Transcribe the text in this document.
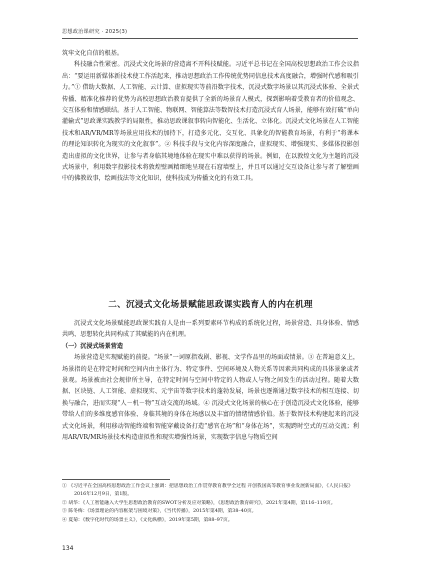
思想政治课研究 · 2025(3)

筑牢文化自信的根基。

科技融合性紧密。沉浸式文化场景的营造离不开科技赋能。习近平总书记在全国高校思想政治工作会议指出：“要运用新媒体新技术使工作活起来，推动思想政治工作传统优势同信息技术高度融合，增强时代感和吸引力。”① 借助大数据、人工智能、云计算、虚拟现实等前沿数字技术，沉浸式数字场景以其沉浸式体验、全景式传播、精准化推荐的优势为高校思想政治教育提供了全新的场景育人模式，探到影响着受教育者的价值观念、交互体验和情感联结。基于人工智能、物联网、智能算法等数智技术打造沉浸式育人场景，能够有效打破“单向灌输式”思政课实践教学的局限性，推动思政课叙事转向智能化、生活化、立体化。沉浸式文化场景在人工智能技术和AR/VR/MR等场景应用技术的加持下，打造多元化、交互化、具象化的智能教育场景，有利于“将课本的理论知识转化为现实的文化叙事”。② 科技手段与文化内容深度融合，虚拟现实、增强现实、多媒体投影创造出虚拟的文化世界，让参与者身临其境地体验在现实中难以获得的场景。例如，在以敦煌文化为主题的沉浸式场景中，利用数字投影技术将敦煌壁画精细地呈现在石窟墙壁上，并且可以通过交互设备让参与者了解壁画中的佛教故事，绘画技法等文化知识，使科技成为传播文化的有效工具。

二、沉浸式文化场景赋能思政课实践育人的内在机理

沉浸式文化场景赋能思政课实践育人是由一系列要素环节构成的系统化过程，场景营造、具身体验、情感共鸣、思想转化共同构成了其赋能的内在机理。

（一）沉浸式场景营造

场景营造是实现赋能的前提。“场景”一词原指戏剧、影视、文学作品里的场面或情景。③ 在普遍意义上，场景指的是在特定时间和空间内由主体行为、特定事件、空间环境及人物关系等因素共同构成的具体景象或者景观。场景被由社会规律所主导，在特定时间与空间中特定的人物或人与物之间发生的活动过程。随着大数据、区块链、人工智能、虚拟现实、元宇宙等数字技术的蓬勃发展，场景也逐渐通过数字技术的相互连接、切换与融合，进而实现“人－机－物”互动交流的场域。④ 沉浸式文化场景的核心在于创造沉浸式文化体验，能够带给人们的多维度感官体验、身临其境的身体在场感以及丰富的情绪情感价值。基于数智技术构建起来的沉浸式文化场景，利用移动智能终端和智能穿戴设备打造“感官在场”和“身体在场”，实现跨时空式的互动交流；利用AR/VR/MR场景技术构造虚拟性和现实增强性场景，实现数字信息与物质空间

① 《习近平在全国高校思想政治工作会议上强调：把思想政治工作贯穿教育教学全过程 开创我国高等教育事业发展新局面》，《人民日报》2016年12月9日，第1版。

② 胡华：《人工智能融入大学生思想政治教育的SWOT分析及应对策略》，《思想政治教育研究》，2021年第4期，第116–119页。

③ 陈冬梅：《场景理论的内容框架与困境对策》，《当代传播》，2015年第4期，第38–40页。

④ 夏菊：《数字化时代的场景主义》，《文化纵横》，2019年第5期，第88–97页。

134
